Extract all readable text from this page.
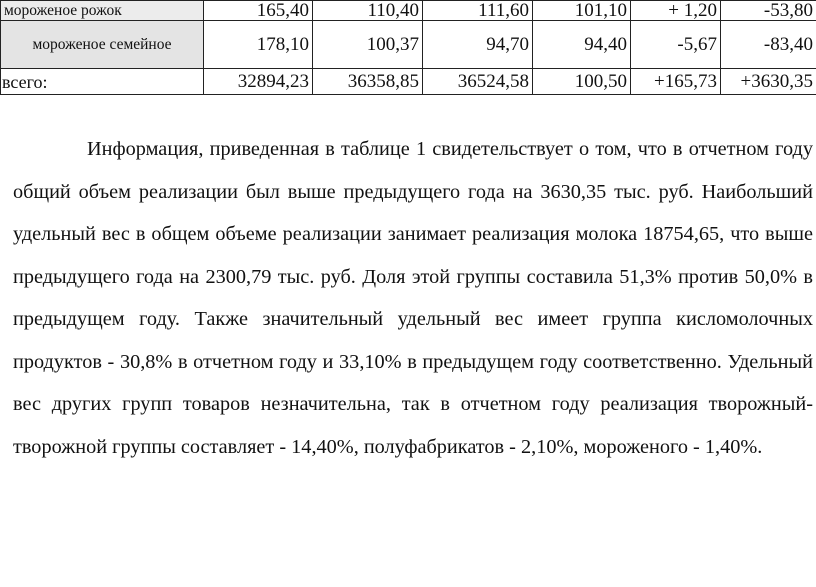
мороженое рожок	165,40	110,40	111,60	101,10	+ 1,20	-53,80
мороженое семейное	178,10	100,37	94,70	94,40	-5,67	-83,40
всего:	32894,23	36358,85	36524,58	100,50	+165,73	+3630,35

Информация, приведенная в таблице 1 свидетельствует о том, что в отчетном году общий объем реализации был выше предыдущего года на 3630,35 тыс. руб. Наибольший удельный вес в общем объеме реализации занимает реализация молока 18754,65, что выше предыдущего года на 2300,79 тыс. руб. Доля этой группы составила 51,3% против 50,0% в предыдущем году. Также значительный удельный вес имеет группа кисломолочных продуктов - 30,8% в отчетном году и 33,10% в предыдущем году соответственно. Удельный вес других групп товаров незначительна, так в отчетном году реализация творожный-творожной группы составляет - 14,40%, полуфабрикатов - 2,10%, мороженого - 1,40%.
